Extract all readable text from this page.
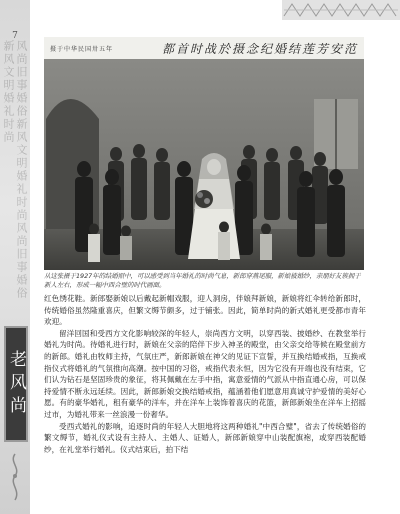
风尚旧事婚俗新风文明婚礼时尚风尚旧事婚俗新风文明婚礼时尚
7
老风尚
摄于中华民国卅五年	都首时战於摄念纪婚结莲芳安范
从这张摄于1927年的结婚照中，可以感受到当年婚礼的时尚气息，新郎穿燕尾服，新娘披婚纱，亲朋好友簇拥于新人左右，形成一幅中西合璧的时代画面。

红色绣花鞋。新郎娶新娘以后戴起新帽戏服，迎人洞房，伴娘拜新娘，新娘将红伞转给新郎时，传统婚俗虽然隆重喜庆，但繁文缛节颇多，过于铺张。因此，简单时尚的新式婚礼更受都市青年欢迎。

留洋回国和受西方文化影响较深的年轻人，崇尚西方文明，以穿西装、披婚纱、在教堂举行婚礼为时尚。待婚礼进行时，新娘在父亲的陪伴下步入神圣的殿堂，由父亲交给等候在殿堂前方的新郎。婚礼由牧师主持，气氛庄严，新郎新娘在神父的见证下宣誓，并互换结婚戒指，互换戒指仪式将婚礼的气氛推向高潮。按中国的习俗，戒指代表永恒，因为它没有开端也没有结束，它们认为钻石是坚固珍贵的象征，将其佩戴在左手中指，寓意爱情的气派从中指直通心房，可以保持爱情不断永远延续。因此，新郎新娘交换结婚戒指，蕴涵着他们愿意用真诚守护爱情的美好心愿。有的豪华婚礼，租有豪华的洋车，并在洋车上装饰着喜庆的花篮，新郎新娘坐在洋车上招摇过市，为婚礼带来一丝浪漫一份奢华。

受西式婚礼的影响，追逐时尚的年轻人大胆地将这两种婚礼"中西合璧"，省去了传统婚俗的繁文缛节，婚礼仪式设有主持人、主婚人、证婚人，新郎新娘穿中山装配旗袍，或穿西装配婚纱，在礼堂举行婚礼。仪式结束后，拍下结
